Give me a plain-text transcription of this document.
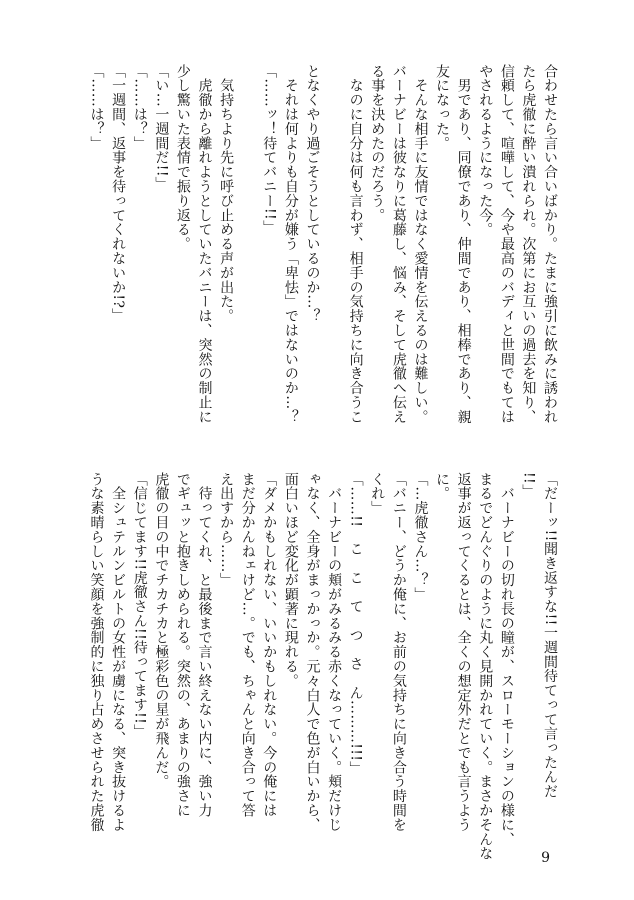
合わせたら言い合いばかり。たまに強引に飲みに誘われ
たら虎徹に酔い潰れられ。次第にお互いの過去を知り、
信頼して、喧嘩して、今や最高のバディと世間でもては
やされるようになった今。
　男であり、同僚であり、仲間であり、相棒であり、親
友になった。
　そんな相手に友情ではなく愛情を伝えるのは難しい。
バーナビーは彼なりに葛藤し、悩み、そして虎徹へ伝え
る事を決めたのだろう。
　なのに自分は何も言わず、相手の気持ちに向き合うこ
となくやり過ごそうとしているのか…？
　それは何よりも自分が嫌う「卑怯」ではないのか…？
「……ッ！待てバニー!!」
　気持ちより先に呼び止める声が出た。
　虎徹から離れようとしていたバニーは、突然の制止に
少し驚いた表情で振り返る。
「い…一週間だ!!」
「……は？」
「一週間、返事を待ってくれないか!?」
「……は？」
「だーッ!!聞き返すな!!一週間待てって言ったんだ
!!」
　バーナビーの切れ長の瞳が、スローモーションの様に、
まるでどんぐりのように丸く見開かれていく。まさかそんな
返事が返ってくるとは、全くの想定外だとでも言うよう
に。
「…虎徹さん…？」
「バニー、どうか俺に、お前の気持ちに向き合う時間を
くれ」
「……!!　こ　こ　て　つ　さ　ん………!!!」
　バーナビーの頬がみるみる赤くなっていく。頬だけじ
ゃなく、全身がまっかっか。元々白人で色が白いから、
面白いほど変化が顕著に現れる。
「ダメかもしれない、いいかもしれない。今の俺には
まだ分かんねェけど…。でも、ちゃんと向き合って答
え出すから……」
　待ってくれ、と最後まで言い終えない内に、強い力
でギュッと抱きしめられる。突然の、あまりの強さに
虎徹の目の中でチカチカと極彩色の星が飛んだ。
「信じてます!!虎徹さん!!待ってます!!」
　全シュテルンビルトの女性が虜になる、突き抜けるよ
うな素晴らしい笑顔を強制的に独り占めさせられた虎徹
9
